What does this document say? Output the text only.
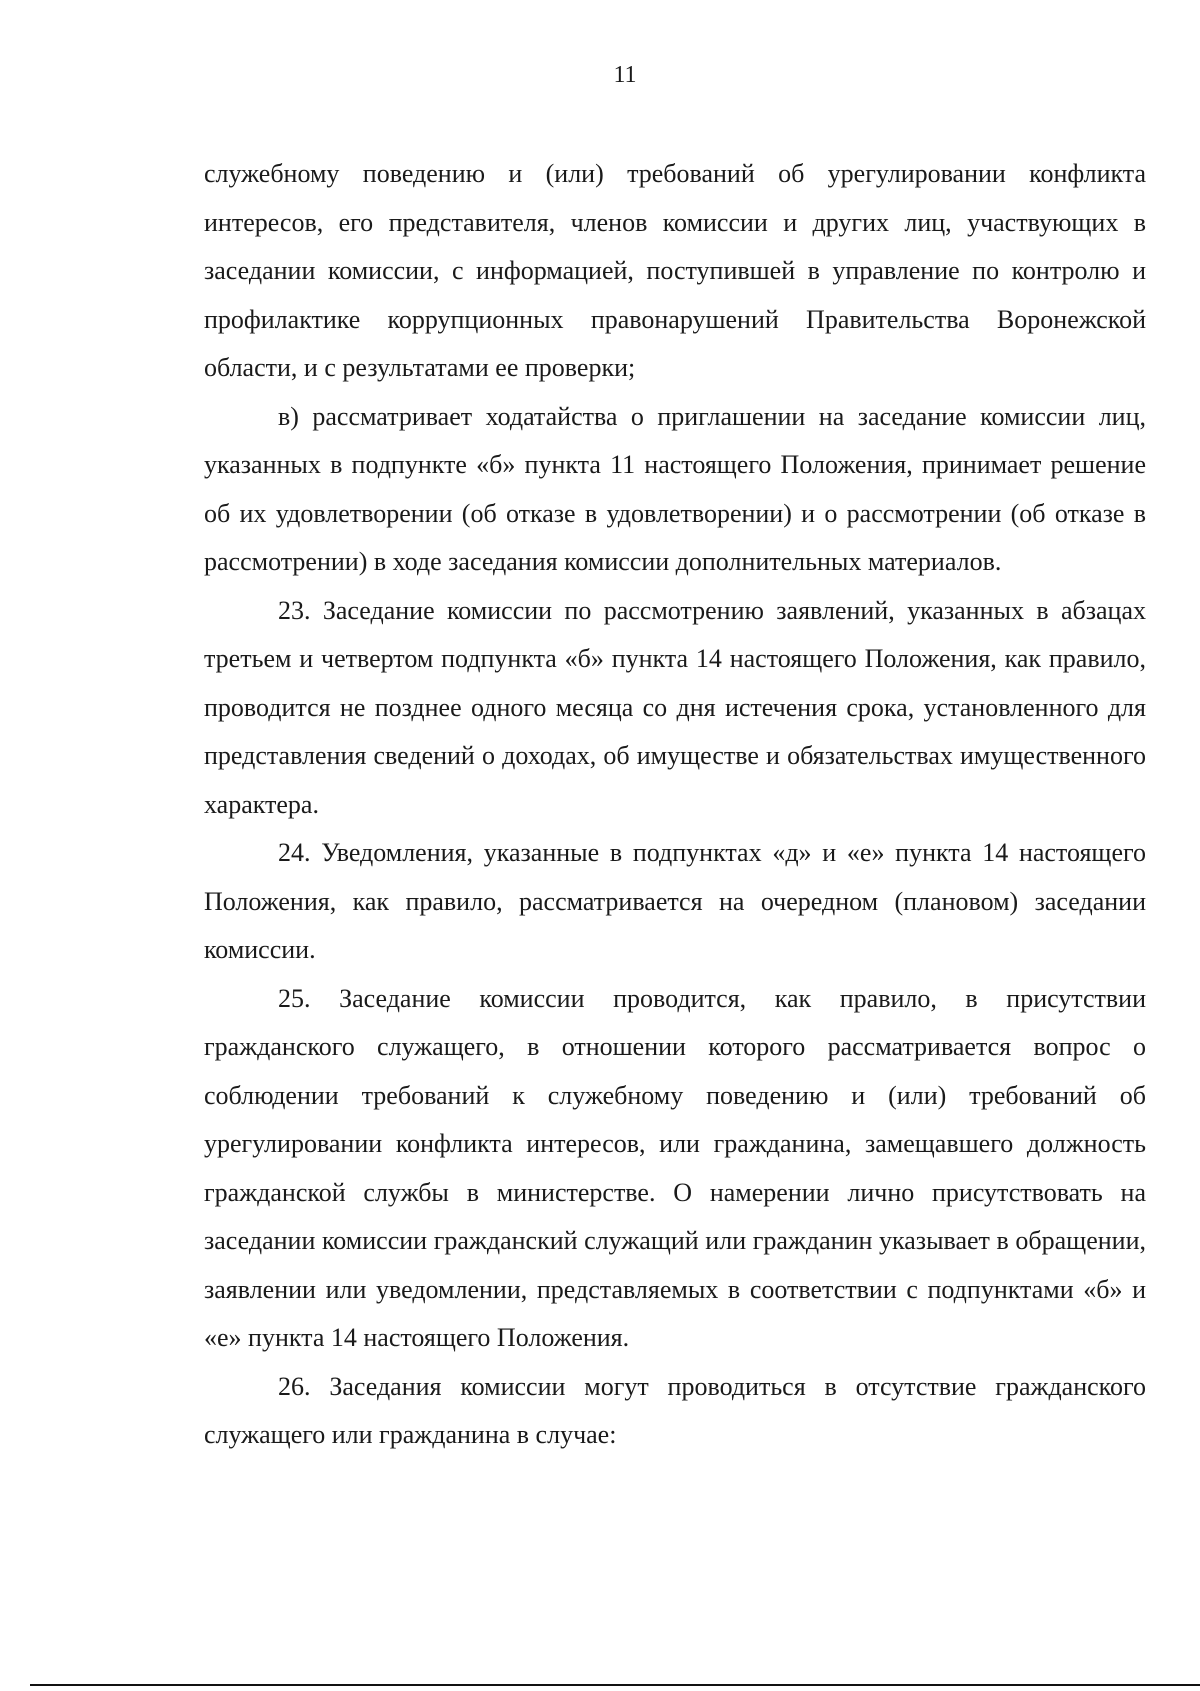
11

служебному поведению и (или) требований об урегулировании конфликта интересов, его представителя, членов комиссии и других лиц, участвующих в заседании комиссии, с информацией, поступившей в управление по контролю и профилактике коррупционных правонарушений Правительства Воронежской области, и с результатами ее проверки;

в) рассматривает ходатайства о приглашении на заседание комиссии лиц, указанных в подпункте «б» пункта 11 настоящего Положения, принимает решение об их удовлетворении (об отказе в удовлетворении) и о рассмотрении (об отказе в рассмотрении) в ходе заседания комиссии дополнительных материалов.

23. Заседание комиссии по рассмотрению заявлений, указанных в абзацах третьем и четвертом подпункта «б» пункта 14 настоящего Положения, как правило, проводится не позднее одного месяца со дня истечения срока, установленного для представления сведений о доходах, об имуществе и обязательствах имущественного характера.

24. Уведомления, указанные в подпунктах «д» и «е» пункта 14 настоящего Положения, как правило, рассматривается на очередном (плановом) заседании комиссии.

25. Заседание комиссии проводится, как правило, в присутствии гражданского служащего, в отношении которого рассматривается вопрос о соблюдении требований к служебному поведению и (или) требований об урегулировании конфликта интересов, или гражданина, замещавшего должность гражданской службы в министерстве. О намерении лично присутствовать на заседании комиссии гражданский служащий или гражданин указывает в обращении, заявлении или уведомлении, представляемых в соответствии с подпунктами «б» и «е» пункта 14 настоящего Положения.

26. Заседания комиссии могут проводиться в отсутствие гражданского служащего или гражданина в случае:
